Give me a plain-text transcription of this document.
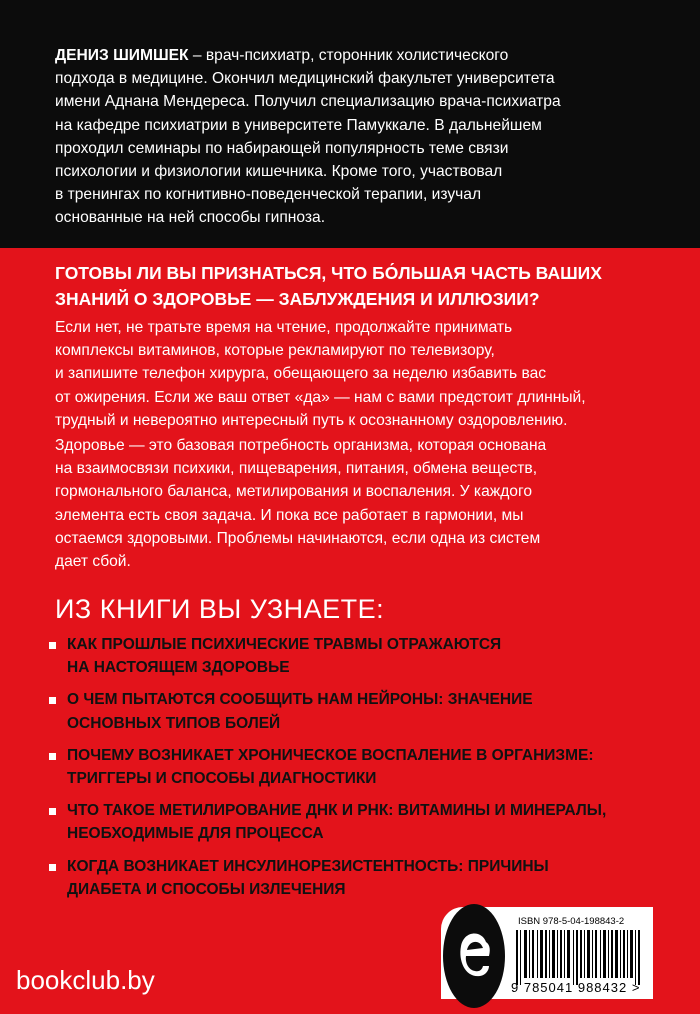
ДЕНИЗ ШИМШЕК – врач-психиатр, сторонник холистического
подхода в медицине. Окончил медицинский факультет университета
имени Аднана Мендереса. Получил специализацию врача-психиатра
на кафедре психиатрии в университете Памуккале. В дальнейшем
проходил семинары по набирающей популярность теме связи
психологии и физиологии кишечника. Кроме того, участвовал
в тренингах по когнитивно-поведенческой терапии, изучал
основанные на ней способы гипноза.

ГОТОВЫ ЛИ ВЫ ПРИЗНАТЬСЯ, ЧТО БО́ЛЬШАЯ ЧАСТЬ ВАШИХ
ЗНАНИЙ О ЗДОРОВЬЕ — ЗАБЛУЖДЕНИЯ И ИЛЛЮЗИИ?

Если нет, не тратьте время на чтение, продолжайте принимать
комплексы витаминов, которые рекламируют по телевизору,
и запишите телефон хирурга, обещающего за неделю избавить вас
от ожирения. Если же ваш ответ «да» — нам с вами предстоит длинный,
трудный и невероятно интересный путь к осознанному оздоровлению.

Здоровье — это базовая потребность организма, которая основана
на взаимосвязи психики, пищеварения, питания, обмена веществ,
гормонального баланса, метилирования и воспаления. У каждого
элемента есть своя задача. И пока все работает в гармонии, мы
остаемся здоровыми. Проблемы начинаются, если одна из систем
дает сбой.

ИЗ КНИГИ ВЫ УЗНАЕТЕ:
КАК ПРОШЛЫЕ ПСИХИЧЕСКИЕ ТРАВМЫ ОТРАЖАЮТСЯ
НА НАСТОЯЩЕМ ЗДОРОВЬЕ
О ЧЕМ ПЫТАЮТСЯ СООБЩИТЬ НАМ НЕЙРОНЫ: ЗНАЧЕНИЕ
ОСНОВНЫХ ТИПОВ БОЛЕЙ
ПОЧЕМУ ВОЗНИКАЕТ ХРОНИЧЕСКОЕ ВОСПАЛЕНИЕ В ОРГАНИЗМЕ:
ТРИГГЕРЫ И СПОСОБЫ ДИАГНОСТИКИ
ЧТО ТАКОЕ МЕТИЛИРОВАНИЕ ДНК И РНК: ВИТАМИНЫ И МИНЕРАЛЫ,
НЕОБХОДИМЫЕ ДЛЯ ПРОЦЕССА
КОГДА ВОЗНИКАЕТ ИНСУЛИНОРЕЗИСТЕНТНОСТЬ: ПРИЧИНЫ
ДИАБЕТА И СПОСОБЫ ИЗЛЕЧЕНИЯ
ISBN 978-5-04-198843-2
9 785041 988432 >
bookclub.by
